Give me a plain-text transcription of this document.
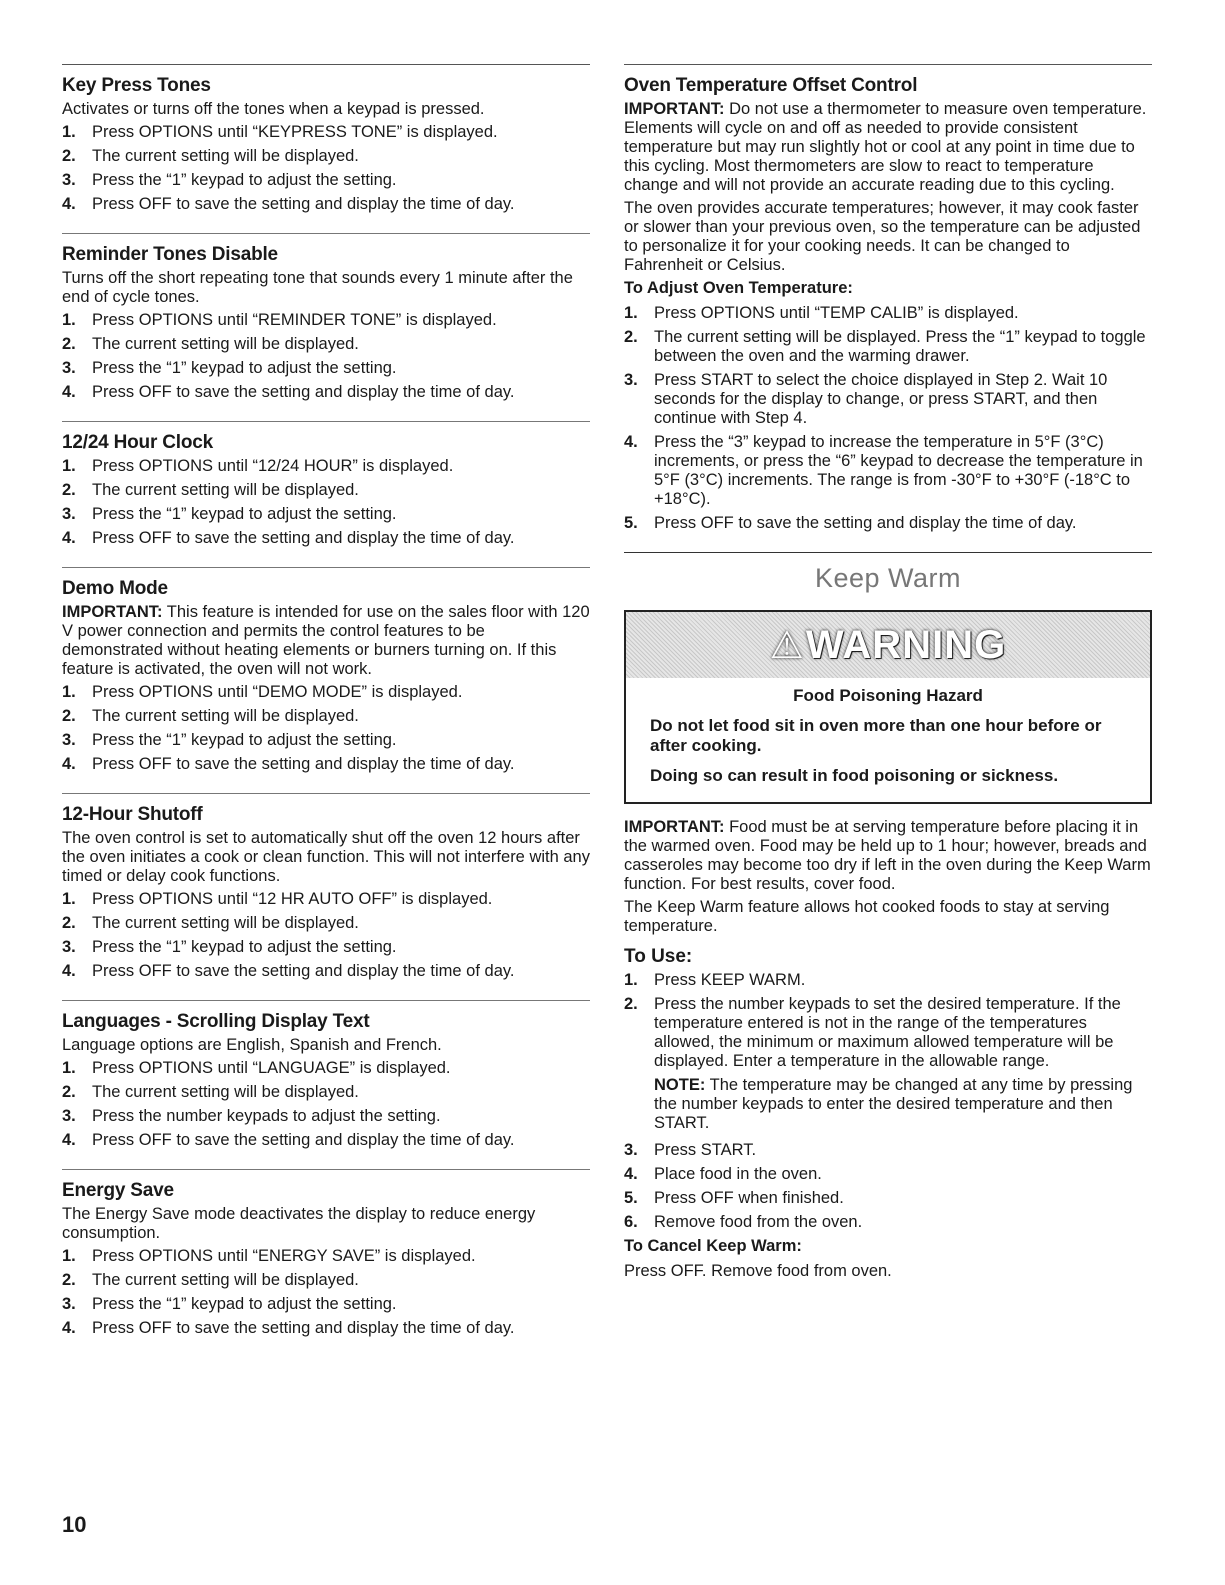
Key Press Tones

Activates or turns off the tones when a keypad is pressed.

1. Press OPTIONS until “KEYPRESS TONE” is displayed.
2. The current setting will be displayed.
3. Press the “1” keypad to adjust the setting.
4. Press OFF to save the setting and display the time of day.
Reminder Tones Disable

Turns off the short repeating tone that sounds every 1 minute after the end of cycle tones.

1. Press OPTIONS until “REMINDER TONE” is displayed.
2. The current setting will be displayed.
3. Press the “1” keypad to adjust the setting.
4. Press OFF to save the setting and display the time of day.
12/24 Hour Clock
1. Press OPTIONS until “12/24 HOUR” is displayed.
2. The current setting will be displayed.
3. Press the “1” keypad to adjust the setting.
4. Press OFF to save the setting and display the time of day.
Demo Mode

IMPORTANT: This feature is intended for use on the sales floor with 120 V power connection and permits the control features to be demonstrated without heating elements or burners turning on. If this feature is activated, the oven will not work.

1. Press OPTIONS until “DEMO MODE” is displayed.
2. The current setting will be displayed.
3. Press the “1” keypad to adjust the setting.
4. Press OFF to save the setting and display the time of day.
12-Hour Shutoff

The oven control is set to automatically shut off the oven 12 hours after the oven initiates a cook or clean function. This will not interfere with any timed or delay cook functions.

1. Press OPTIONS until “12 HR AUTO OFF” is displayed.
2. The current setting will be displayed.
3. Press the “1” keypad to adjust the setting.
4. Press OFF to save the setting and display the time of day.
Languages - Scrolling Display Text

Language options are English, Spanish and French.

1. Press OPTIONS until “LANGUAGE” is displayed.
2. The current setting will be displayed.
3. Press the number keypads to adjust the setting.
4. Press OFF to save the setting and display the time of day.
Energy Save

The Energy Save mode deactivates the display to reduce energy consumption.

1. Press OPTIONS until “ENERGY SAVE” is displayed.
2. The current setting will be displayed.
3. Press the “1” keypad to adjust the setting.
4. Press OFF to save the setting and display the time of day.
Oven Temperature Offset Control

IMPORTANT: Do not use a thermometer to measure oven temperature. Elements will cycle on and off as needed to provide consistent temperature but may run slightly hot or cool at any point in time due to this cycling. Most thermometers are slow to react to temperature change and will not provide an accurate reading due to this cycling.

The oven provides accurate temperatures; however, it may cook faster or slower than your previous oven, so the temperature can be adjusted to personalize it for your cooking needs. It can be changed to Fahrenheit or Celsius.

To Adjust Oven Temperature:
1. Press OPTIONS until “TEMP CALIB” is displayed.
2. The current setting will be displayed. Press the “1” keypad to toggle between the oven and the warming drawer.
3. Press START to select the choice displayed in Step 2. Wait 10 seconds for the display to change, or press START, and then continue with Step 4.
4. Press the “3” keypad to increase the temperature in 5°F (3°C) increments, or press the “6” keypad to decrease the temperature in 5°F (3°C) increments. The range is from -30°F to +30°F (-18°C to +18°C).
5. Press OFF to save the setting and display the time of day.
Keep Warm
⚠ WARNING
Food Poisoning Hazard
Do not let food sit in oven more than one hour before or after cooking.
Doing so can result in food poisoning or sickness.

IMPORTANT: Food must be at serving temperature before placing it in the warmed oven. Food may be held up to 1 hour; however, breads and casseroles may become too dry if left in the oven during the Keep Warm function. For best results, cover food.

The Keep Warm feature allows hot cooked foods to stay at serving temperature.

To Use:
1. Press KEEP WARM.
2. Press the number keypads to set the desired temperature. If the temperature entered is not in the range of the temperatures allowed, the minimum or maximum allowed temperature will be displayed. Enter a temperature in the allowable range.

NOTE: The temperature may be changed at any time by pressing the number keypads to enter the desired temperature and then START.

3. Press START.
4. Place food in the oven.
5. Press OFF when finished.
6. Remove food from the oven.
To Cancel Keep Warm:

Press OFF. Remove food from oven.

10
